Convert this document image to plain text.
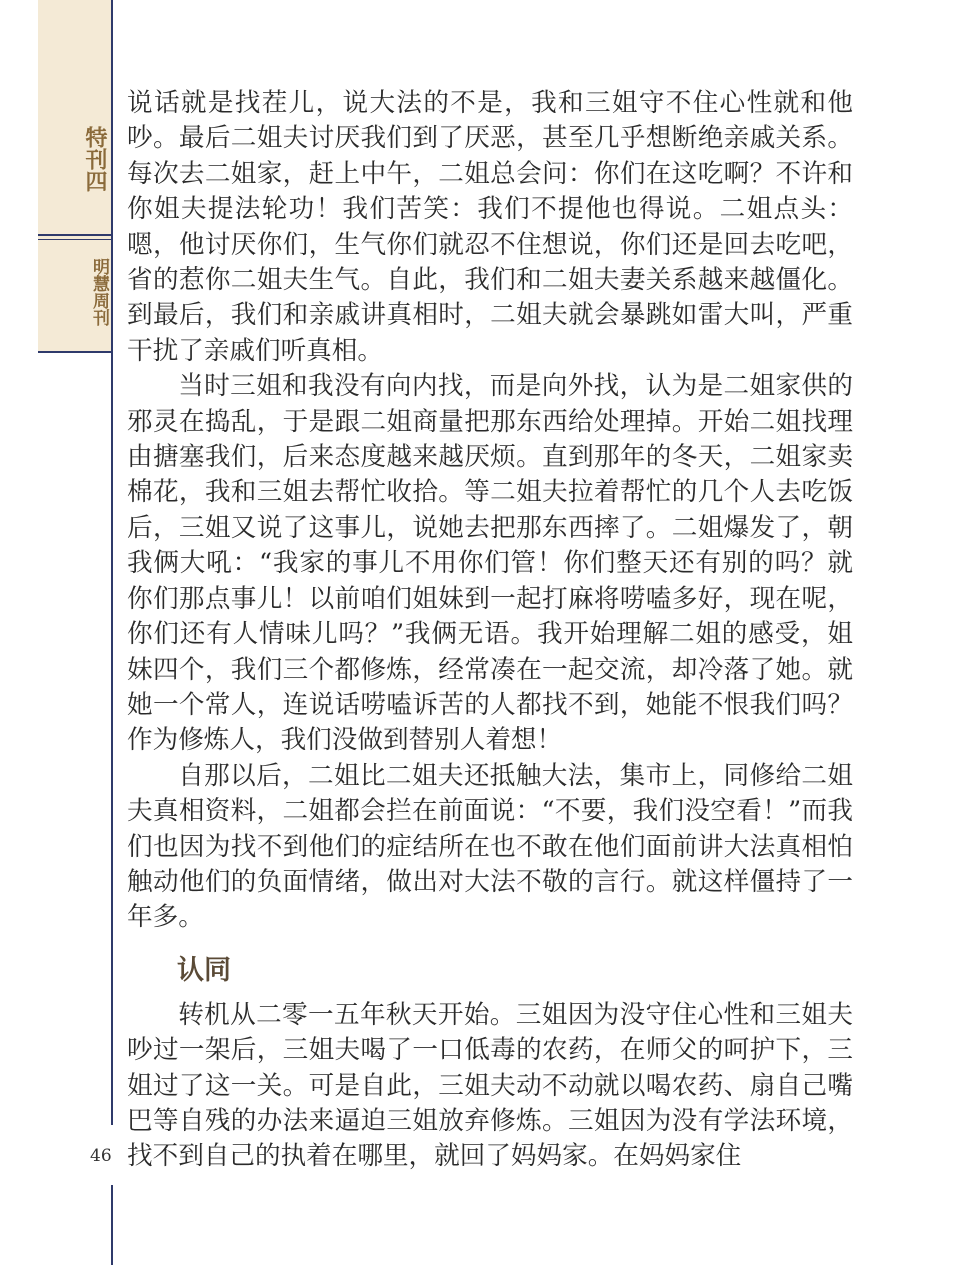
特刊四
明慧周刊
46

说话就是找茬儿，说大法的不是，我和三姐守不住心性就和他吵。最后二姐夫讨厌我们到了厌恶，甚至几乎想断绝亲戚关系。每次去二姐家，赶上中午，二姐总会问：你们在这吃啊？不许和你姐夫提法轮功！我们苦笑：我们不提他也得说。二姐点头：嗯，他讨厌你们，生气你们就忍不住想说，你们还是回去吃吧，省的惹你二姐夫生气。自此，我们和二姐夫妻关系越来越僵化。到最后，我们和亲戚讲真相时，二姐夫就会暴跳如雷大叫，严重干扰了亲戚们听真相。

当时三姐和我没有向内找，而是向外找，认为是二姐家供的邪灵在捣乱，于是跟二姐商量把那东西给处理掉。开始二姐找理由搪塞我们，后来态度越来越厌烦。直到那年的冬天，二姐家卖棉花，我和三姐去帮忙收拾。等二姐夫拉着帮忙的几个人去吃饭后，三姐又说了这事儿，说她去把那东西摔了。二姐爆发了，朝我俩大吼：“我家的事儿不用你们管！你们整天还有别的吗？就你们那点事儿！以前咱们姐妹到一起打麻将唠嗑多好，现在呢，你们还有人情味儿吗？”我俩无语。我开始理解二姐的感受，姐妹四个，我们三个都修炼，经常凑在一起交流，却冷落了她。就她一个常人，连说话唠嗑诉苦的人都找不到，她能不恨我们吗？作为修炼人，我们没做到替别人着想！

自那以后，二姐比二姐夫还抵触大法，集市上，同修给二姐夫真相资料，二姐都会拦在前面说：“不要，我们没空看！”而我们也因为找不到他们的症结所在也不敢在他们面前讲大法真相怕触动他们的负面情绪，做出对大法不敬的言行。就这样僵持了一年多。

认同

转机从二零一五年秋天开始。三姐因为没守住心性和三姐夫吵过一架后，三姐夫喝了一口低毒的农药，在师父的呵护下，三姐过了这一关。可是自此，三姐夫动不动就以喝农药、扇自己嘴巴等自残的办法来逼迫三姐放弃修炼。三姐因为没有学法环境，找不到自己的执着在哪里，就回了妈妈家。在妈妈家住
